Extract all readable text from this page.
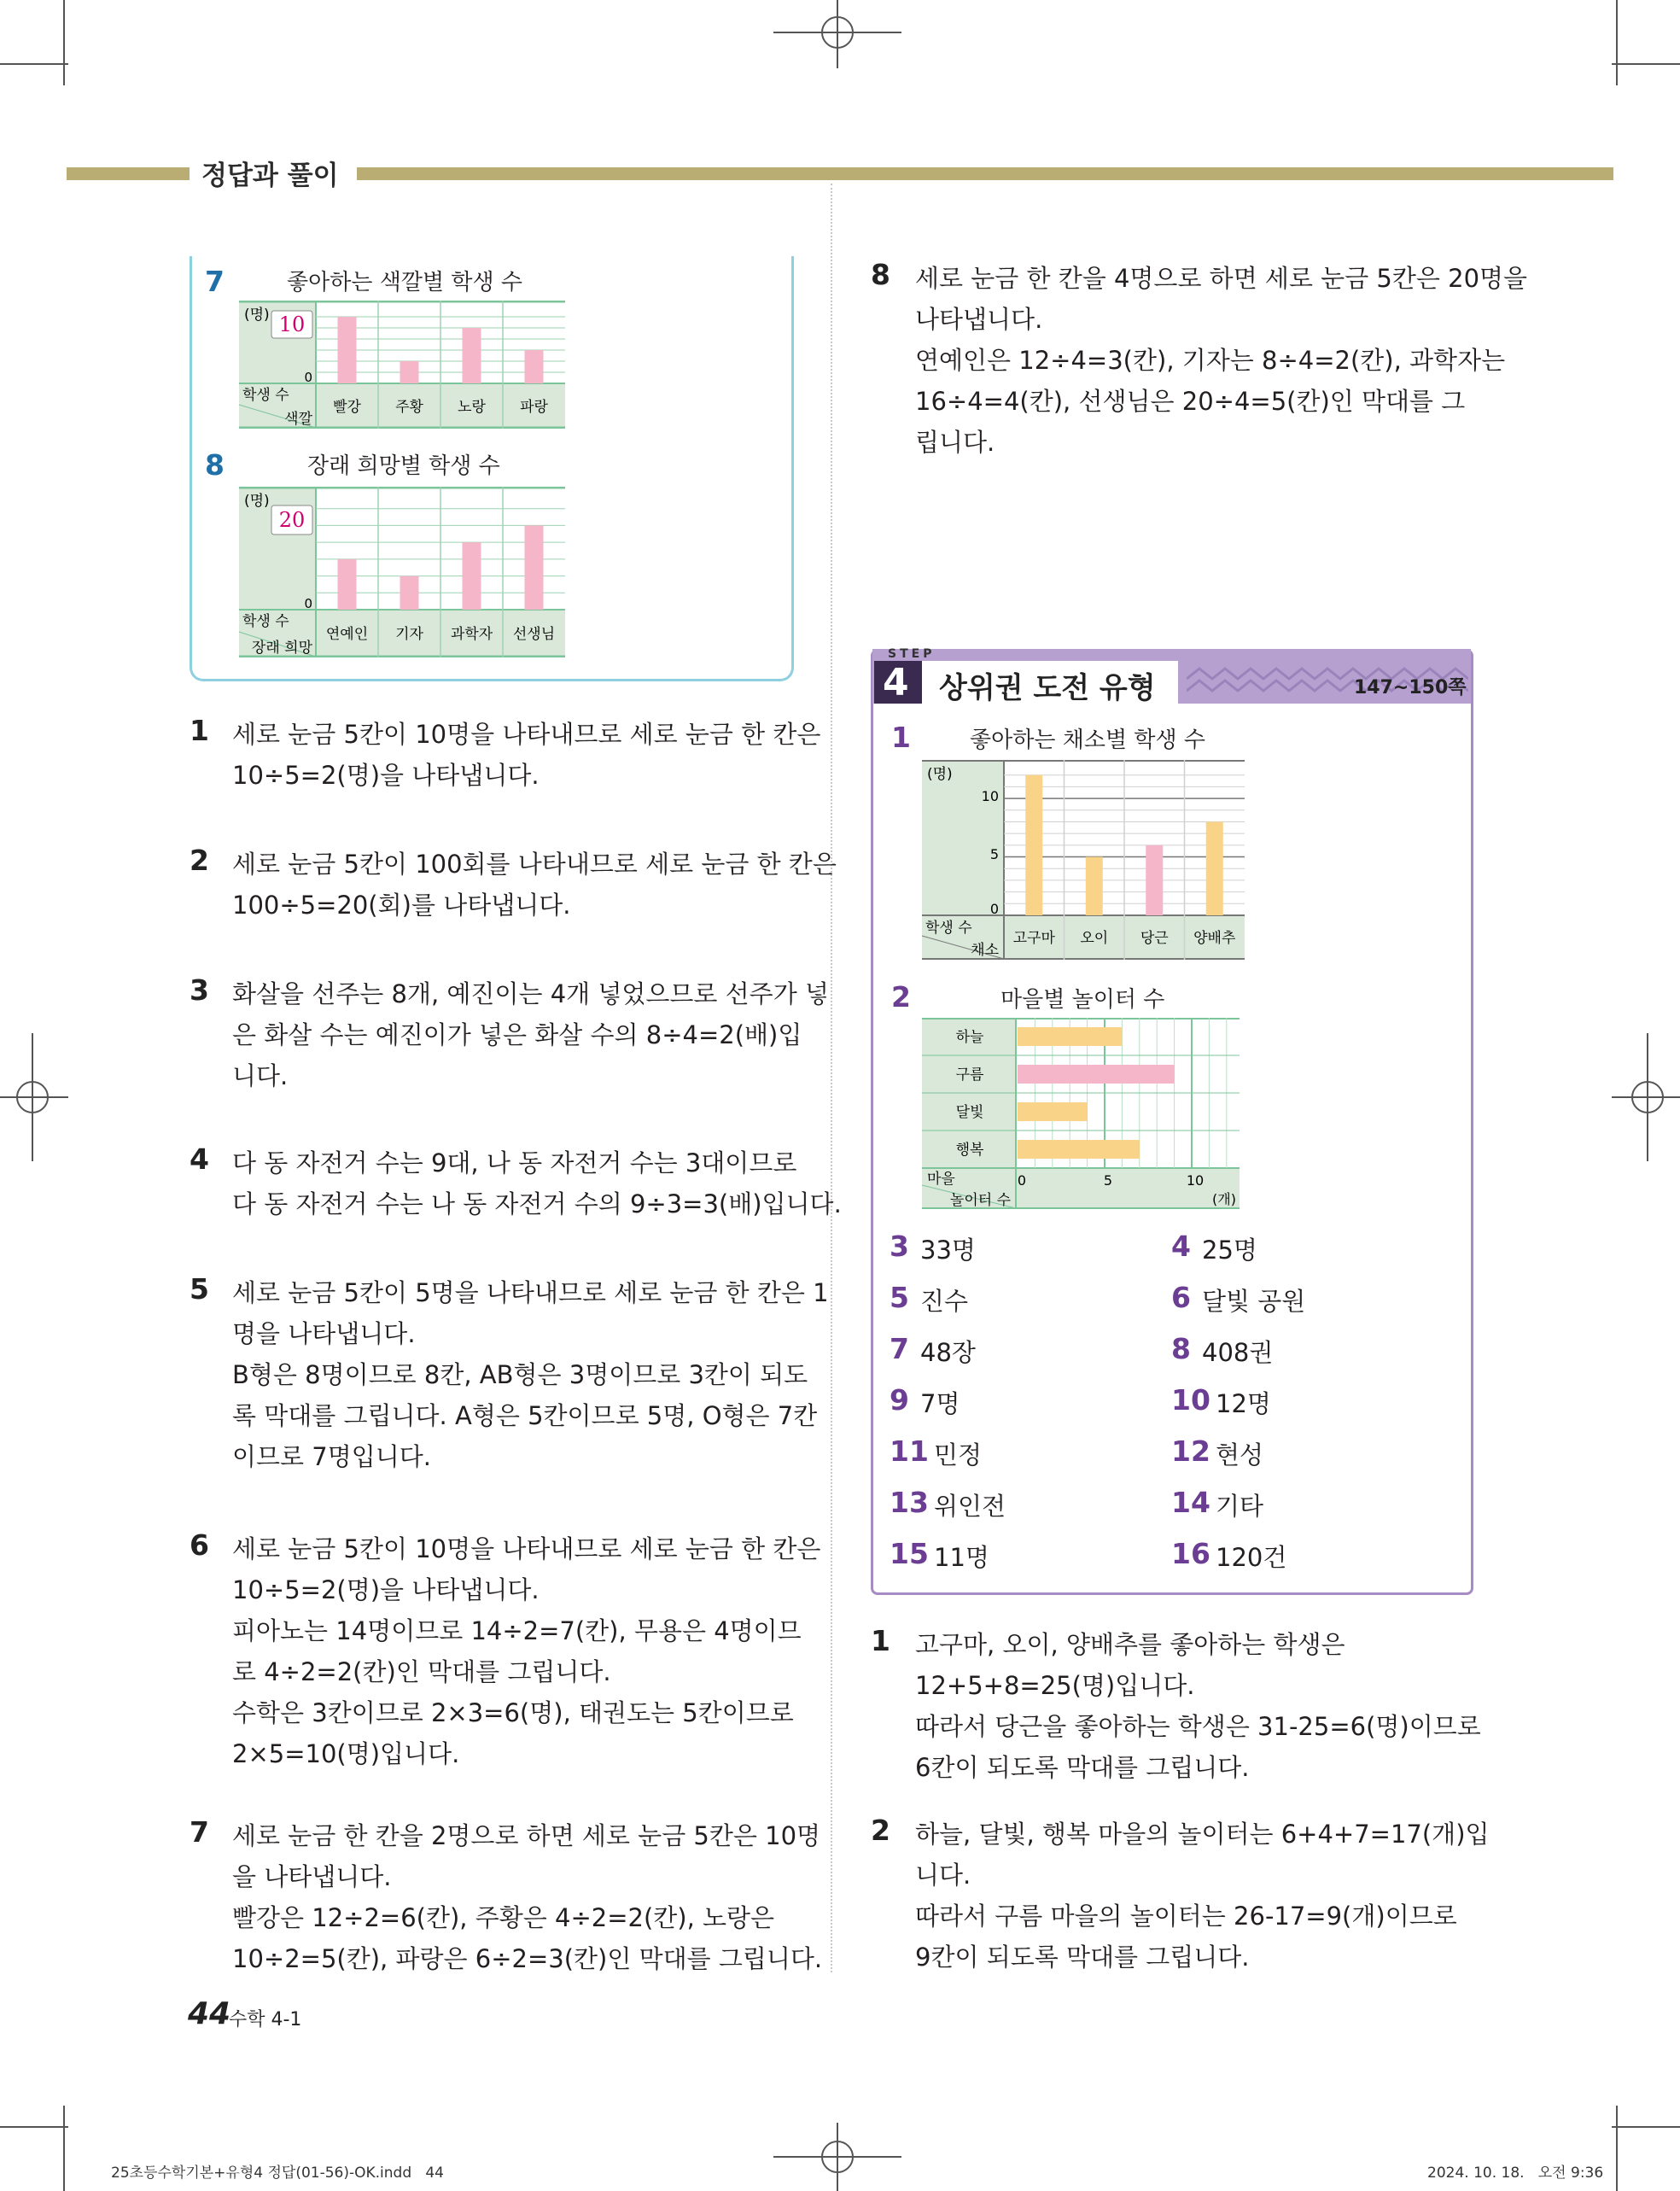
정답과 풀이
7	좋아하는 색깔별 학생 수
8	장래 희망별 학생 수
빨강 주황 노랑 파랑
(명) 10
0
학생 수
색깔
연예인 기자 과학자 선생님
(명)
20
0
학생 수
장래 희망
1 세로 눈금 5칸이 10명을 나타내므로 세로 눈금 한 칸은
10÷5=2(명)을 나타냅니다.
2 세로 눈금 5칸이 100회를 나타내므로 세로 눈금 한 칸은
100÷5=20(회)를 나타냅니다.
3 화살을 선주는 8개, 예진이는 4개 넣었으므로 선주가 넣
은 화살 수는 예진이가 넣은 화살 수의 8÷4=2(배)입
니다.
4 다 동 자전거 수는 9대, 나 동 자전거 수는 3대이므로
다 동 자전거 수는 나 동 자전거 수의 9÷3=3(배)입니다.
5 세로 눈금 5칸이 5명을 나타내므로 세로 눈금 한 칸은 1
명을 나타냅니다.
B형은 8명이므로 8칸, AB형은 3명이므로 3칸이 되도
록 막대를 그립니다. A형은 5칸이므로 5명, O형은 7칸
이므로 7명입니다.
6 세로 눈금 5칸이 10명을 나타내므로 세로 눈금 한 칸은
10÷5=2(명)을 나타냅니다.
피아노는 14명이므로 14÷2=7(칸), 무용은 4명이므
로 4÷2=2(칸)인 막대를 그립니다.
수학은 3칸이므로 2×3=6(명), 태권도는 5칸이므로
2×5=10(명)입니다.
7 세로 눈금 한 칸을 2명으로 하면 세로 눈금 5칸은 10명
을 나타냅니다.
빨강은 12÷2=6(칸), 주황은 4÷2=2(칸), 노랑은
10÷2=5(칸), 파랑은 6÷2=3(칸)인 막대를 그립니다.
8 세로 눈금 한 칸을 4명으로 하면 세로 눈금 5칸은 20명을
나타냅니다.
연예인은 12÷4=3(칸), 기자는 8÷4=2(칸), 과학자는
16÷4=4(칸), 선생님은 20÷4=5(칸)인 막대를 그
립니다.
STEP
4 상위권 도전 유형	147~150쪽
1	좋아하는 채소별 학생 수
고구마 오이 당근 양배추
(명)
10
5
0
학생 수
채소
2	마을별 놀이터 수
하늘
구름
달빛
행복
0	5	10
(개)
마을
놀이터 수
3 33명	4 25명
5 진수	6 달빛 공원
7 48장	8 408권
9 7명	10 12명
11 민정	12 현성
13 위인전	14 기타
15 11명	16 120건
1 고구마, 오이, 양배추를 좋아하는 학생은
12+5+8=25(명)입니다.
따라서 당근을 좋아하는 학생은 31-25=6(명)이므로
6칸이 되도록 막대를 그립니다.
2 하늘, 달빛, 행복 마을의 놀이터는 6+4+7=17(개)입
니다.
따라서 구름 마을의 놀이터는 26-17=9(개)이므로
9칸이 되도록 막대를 그립니다.
44
수학 4-1
25초등수학기본+유형4 정답(01-56)-OK.indd   44	2024. 10. 18.   오전 9:36
